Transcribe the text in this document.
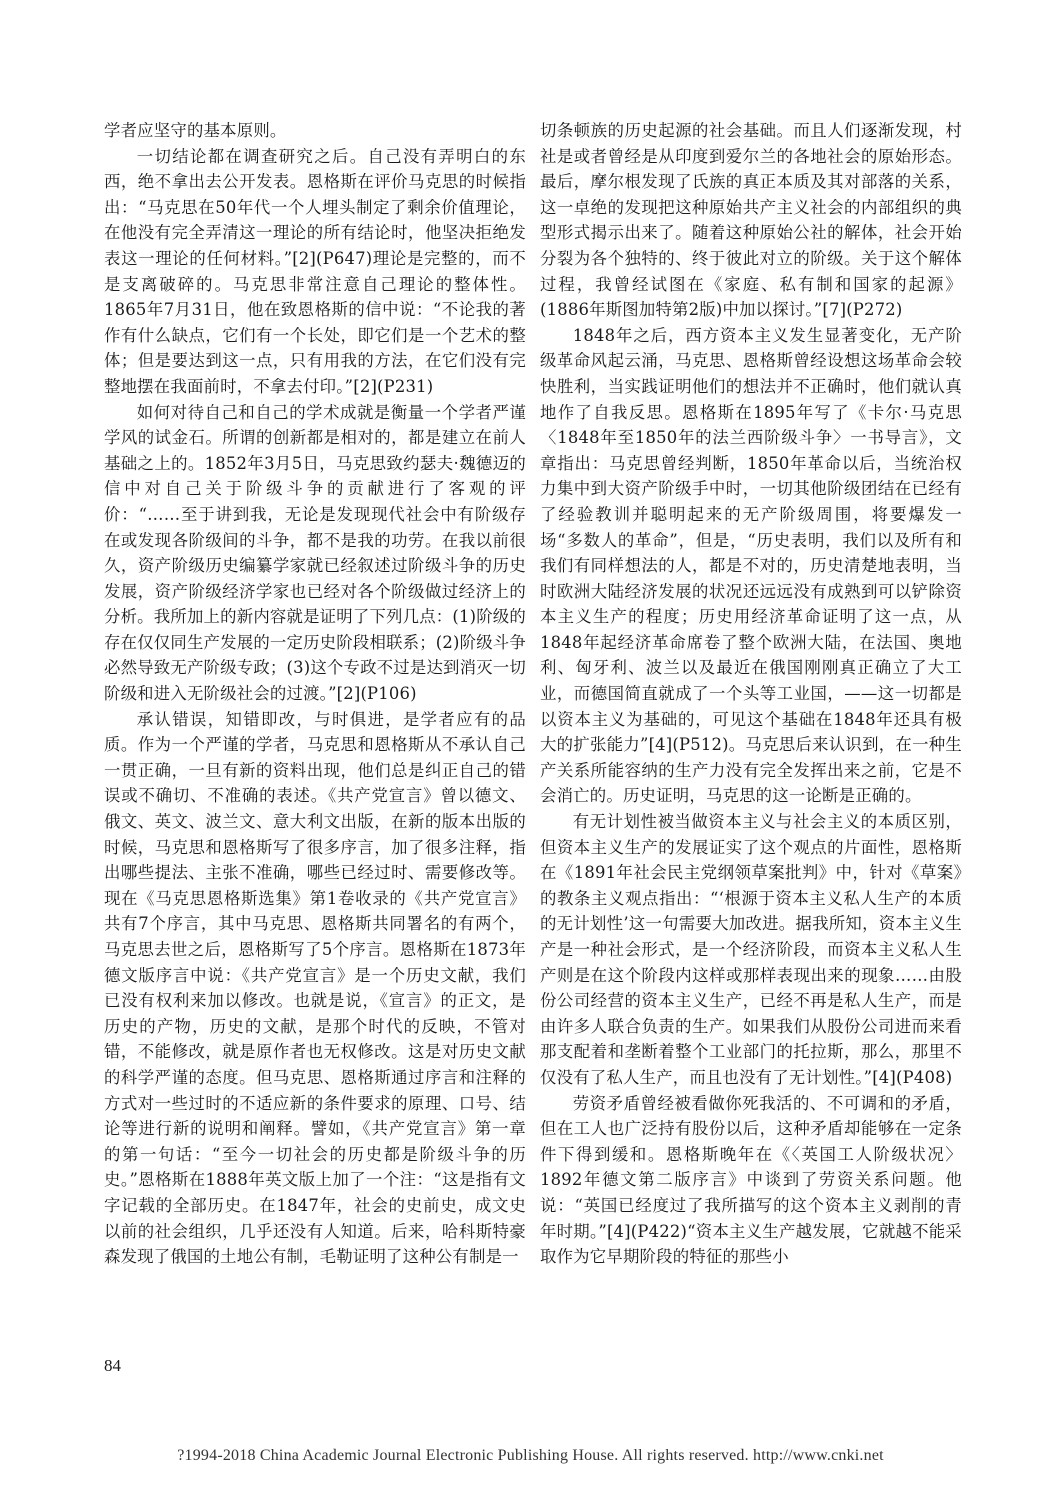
学者应坚守的基本原则。

一切结论都在调查研究之后。自己没有弄明白的东西，绝不拿出去公开发表。恩格斯在评价马克思的时候指出：“马克思在50年代一个人埋头制定了剩余价值理论，在他没有完全弄清这一理论的所有结论时，他坚决拒绝发表这一理论的任何材料。”[2](P647)理论是完整的，而不是支离破碎的。马克思非常注意自己理论的整体性。1865年7月31日，他在致恩格斯的信中说：“不论我的著作有什么缺点，它们有一个长处，即它们是一个艺术的整体；但是要达到这一点，只有用我的方法，在它们没有完整地摆在我面前时，不拿去付印。”[2](P231)

如何对待自己和自己的学术成就是衡量一个学者严谨学风的试金石。所谓的创新都是相对的，都是建立在前人基础之上的。1852年3月5日，马克思致约瑟夫·魏德迈的信中对自己关于阶级斗争的贡献进行了客观的评价：“……至于讲到我，无论是发现现代社会中有阶级存在或发现各阶级间的斗争，都不是我的功劳。在我以前很久，资产阶级历史编纂学家就已经叙述过阶级斗争的历史发展，资产阶级经济学家也已经对各个阶级做过经济上的分析。我所加上的新内容就是证明了下列几点：(1)阶级的存在仅仅同生产发展的一定历史阶段相联系；(2)阶级斗争必然导致无产阶级专政；(3)这个专政不过是达到消灭一切阶级和进入无阶级社会的过渡。”[2](P106)

承认错误，知错即改，与时俱进，是学者应有的品质。作为一个严谨的学者，马克思和恩格斯从不承认自己一贯正确，一旦有新的资料出现，他们总是纠正自己的错误或不确切、不准确的表述。《共产党宣言》曾以德文、俄文、英文、波兰文、意大利文出版，在新的版本出版的时候，马克思和恩格斯写了很多序言，加了很多注释，指出哪些提法、主张不准确，哪些已经过时、需要修改等。现在《马克思恩格斯选集》第1卷收录的《共产党宣言》共有7个序言，其中马克思、恩格斯共同署名的有两个，马克思去世之后，恩格斯写了5个序言。恩格斯在1873年德文版序言中说：《共产党宣言》是一个历史文献，我们已没有权利来加以修改。也就是说，《宣言》的正文，是历史的产物，历史的文献，是那个时代的反映，不管对错，不能修改，就是原作者也无权修改。这是对历史文献的科学严谨的态度。但马克思、恩格斯通过序言和注释的方式对一些过时的不适应新的条件要求的原理、口号、结论等进行新的说明和阐释。譬如，《共产党宣言》第一章的第一句话：“至今一切社会的历史都是阶级斗争的历史。”恩格斯在1888年英文版上加了一个注：“这是指有文字记载的全部历史。在1847年，社会的史前史，成文史以前的社会组织，几乎还没有人知道。后来，哈科斯特豪森发现了俄国的土地公有制，毛勒证明了这种公有制是一

切条顿族的历史起源的社会基础。而且人们逐渐发现，村社是或者曾经是从印度到爱尔兰的各地社会的原始形态。最后，摩尔根发现了氏族的真正本质及其对部落的关系，这一卓绝的发现把这种原始共产主义社会的内部组织的典型形式揭示出来了。随着这种原始公社的解体，社会开始分裂为各个独特的、终于彼此对立的阶级。关于这个解体过程，我曾经试图在《家庭、私有制和国家的起源》(1886年斯图加特第2版)中加以探讨。”[7](P272)

1848年之后，西方资本主义发生显著变化，无产阶级革命风起云涌，马克思、恩格斯曾经设想这场革命会较快胜利，当实践证明他们的想法并不正确时，他们就认真地作了自我反思。恩格斯在1895年写了《卡尔·马克思〈1848年至1850年的法兰西阶级斗争〉一书导言》，文章指出：马克思曾经判断，1850年革命以后，当统治权力集中到大资产阶级手中时，一切其他阶级团结在已经有了经验教训并聪明起来的无产阶级周围，将要爆发一场“多数人的革命”，但是，“历史表明，我们以及所有和我们有同样想法的人，都是不对的，历史清楚地表明，当时欧洲大陆经济发展的状况还远远没有成熟到可以铲除资本主义生产的程度；历史用经济革命证明了这一点，从1848年起经济革命席卷了整个欧洲大陆，在法国、奥地利、匈牙利、波兰以及最近在俄国刚刚真正确立了大工业，而德国简直就成了一个头等工业国，——这一切都是以资本主义为基础的，可见这个基础在1848年还具有极大的扩张能力”[4](P512)。马克思后来认识到，在一种生产关系所能容纳的生产力没有完全发挥出来之前，它是不会消亡的。历史证明，马克思的这一论断是正确的。

有无计划性被当做资本主义与社会主义的本质区别，但资本主义生产的发展证实了这个观点的片面性，恩格斯在《1891年社会民主党纲领草案批判》中，针对《草案》的教条主义观点指出：“‘根源于资本主义私人生产的本质的无计划性’这一句需要大加改进。据我所知，资本主义生产是一种社会形式，是一个经济阶段，而资本主义私人生产则是在这个阶段内这样或那样表现出来的现象……由股份公司经营的资本主义生产，已经不再是私人生产，而是由许多人联合负责的生产。如果我们从股份公司进而来看那支配着和垄断着整个工业部门的托拉斯，那么，那里不仅没有了私人生产，而且也没有了无计划性。”[4](P408)

劳资矛盾曾经被看做你死我活的、不可调和的矛盾，但在工人也广泛持有股份以后，这种矛盾却能够在一定条件下得到缓和。恩格斯晚年在《〈英国工人阶级状况〉1892年德文第二版序言》中谈到了劳资关系问题。他说：“英国已经度过了我所描写的这个资本主义剥削的青年时期。”[4](P422)“资本主义生产越发展，它就越不能采取作为它早期阶段的特征的那些小

84
?1994-2018 China Academic Journal Electronic Publishing House. All rights reserved. http://www.cnki.net
